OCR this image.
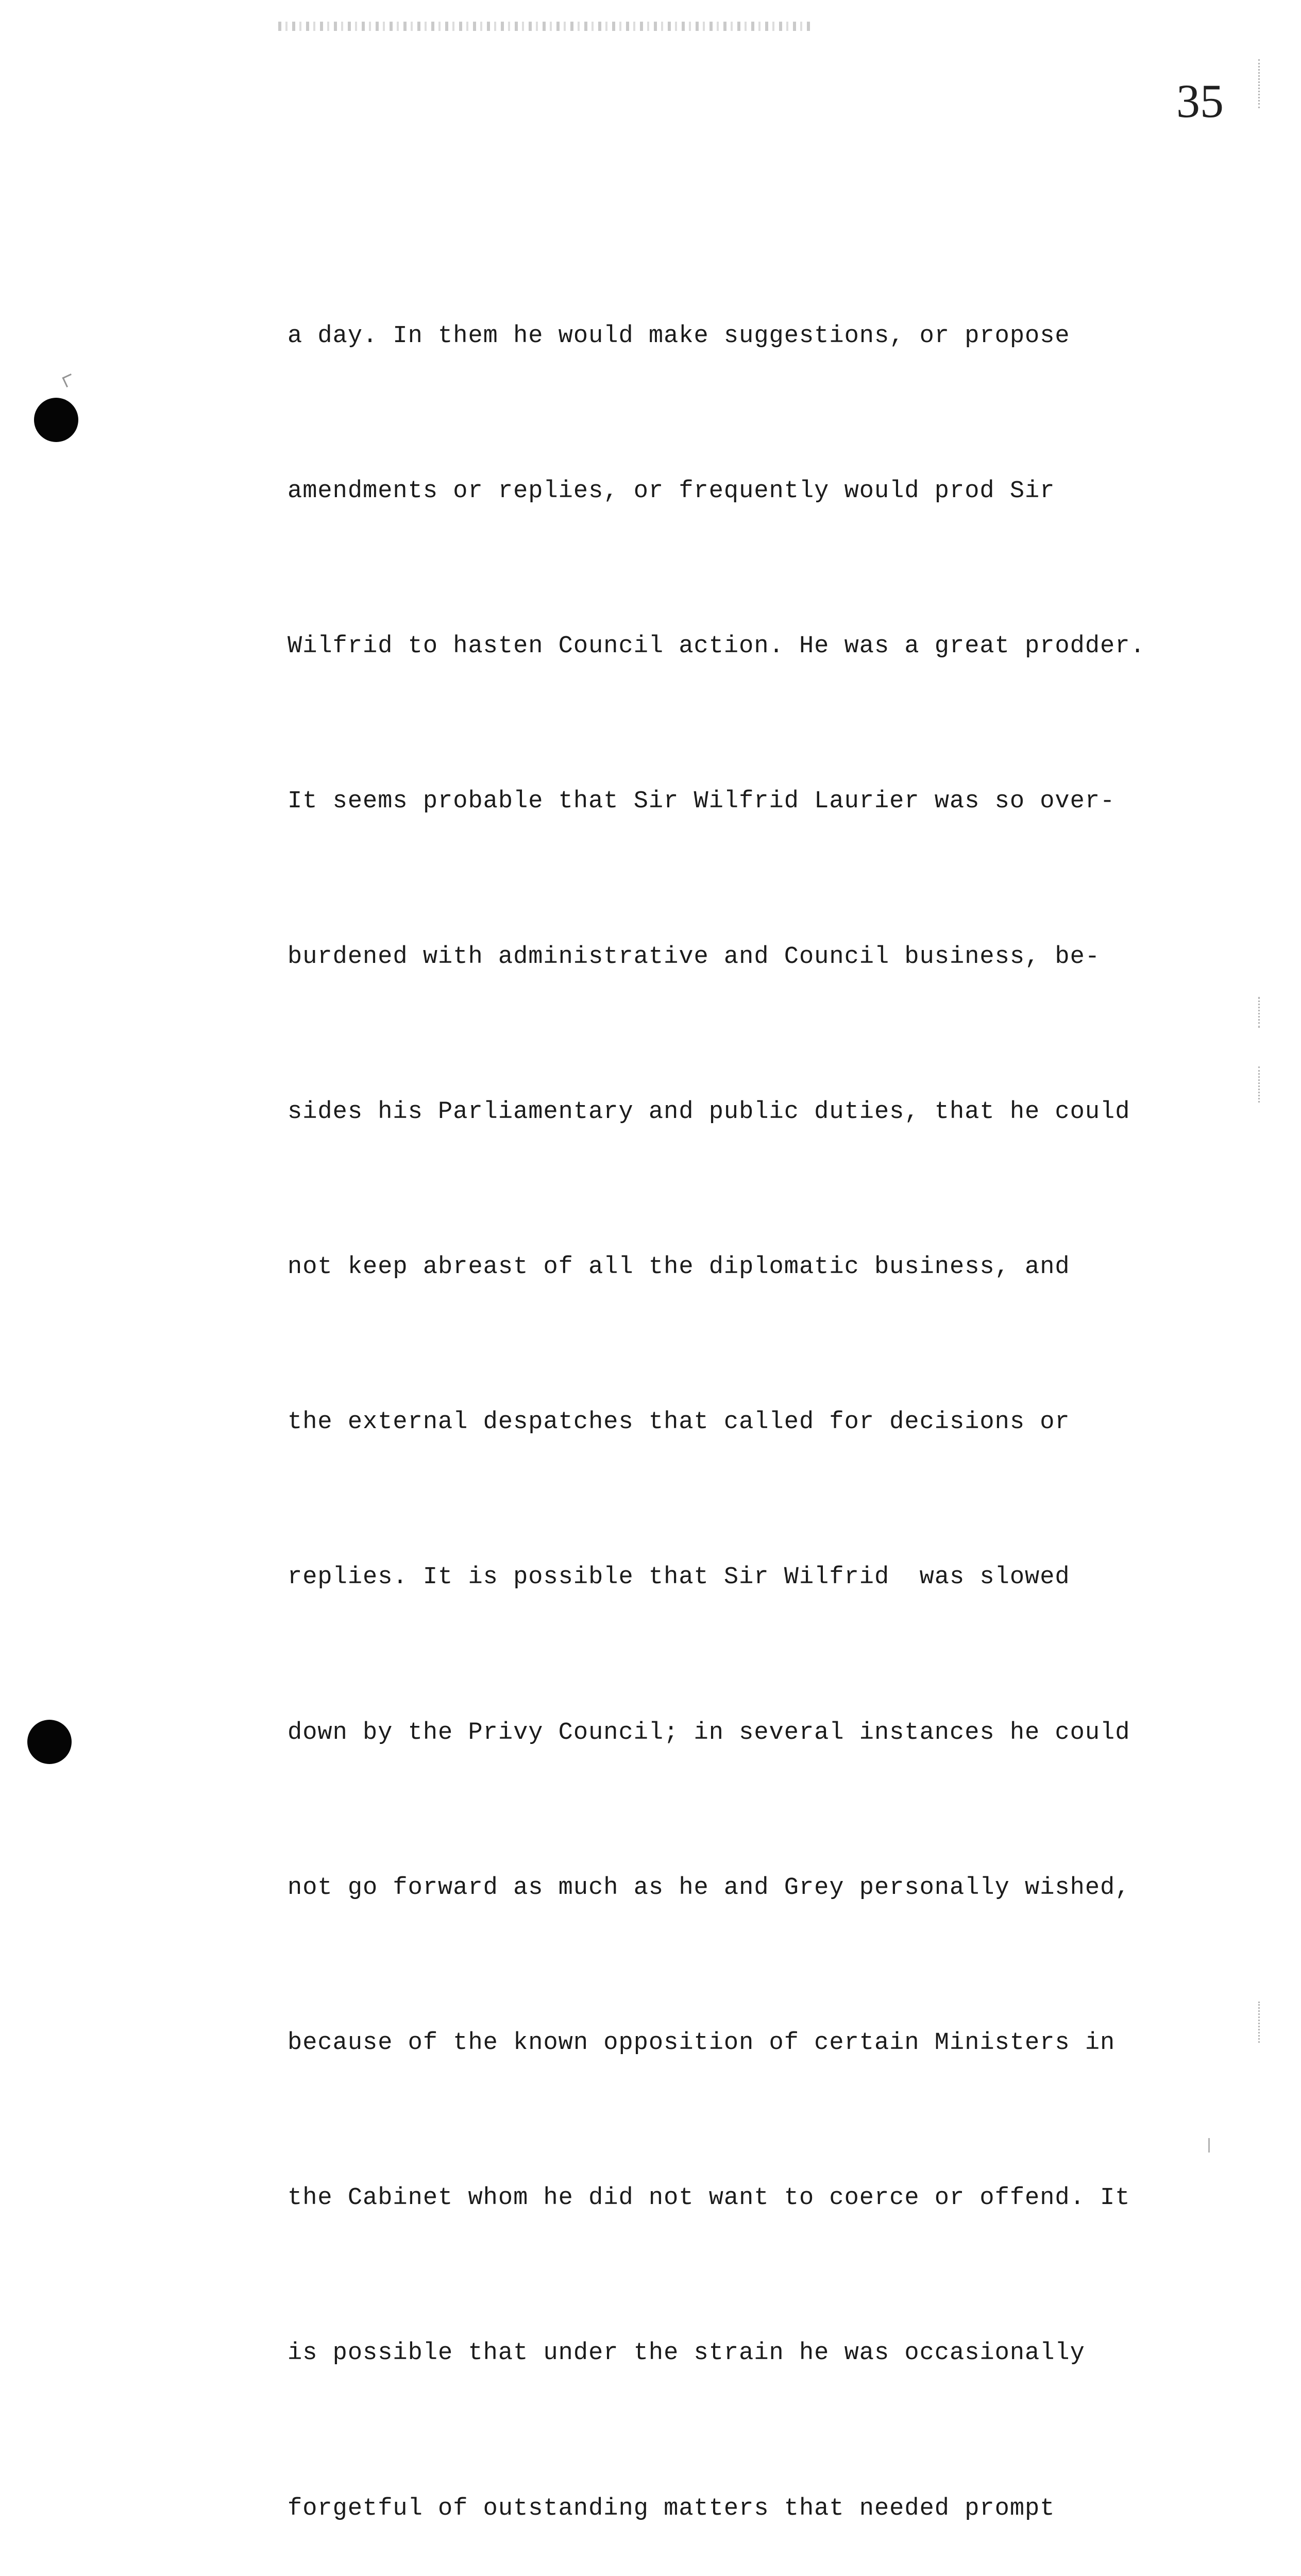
35

a day. In them he would make suggestions, or propose

amendments or replies, or frequently would prod Sir

Wilfrid to hasten Council action. He was a great prodder.

It seems probable that Sir Wilfrid Laurier was so over-

burdened with administrative and Council business, be-

sides his Parliamentary and public duties, that he could

not keep abreast of all the diplomatic business, and

the external despatches that called for decisions or

replies. It is possible that Sir Wilfrid  was slowed

down by the Privy Council; in several instances he could

not go forward as much as he and Grey personally wished,

because of the known opposition of certain Ministers in

the Cabinet whom he did not want to coerce or offend. It

is possible that under the strain he was occasionally

forgetful of outstanding matters that needed prompt
